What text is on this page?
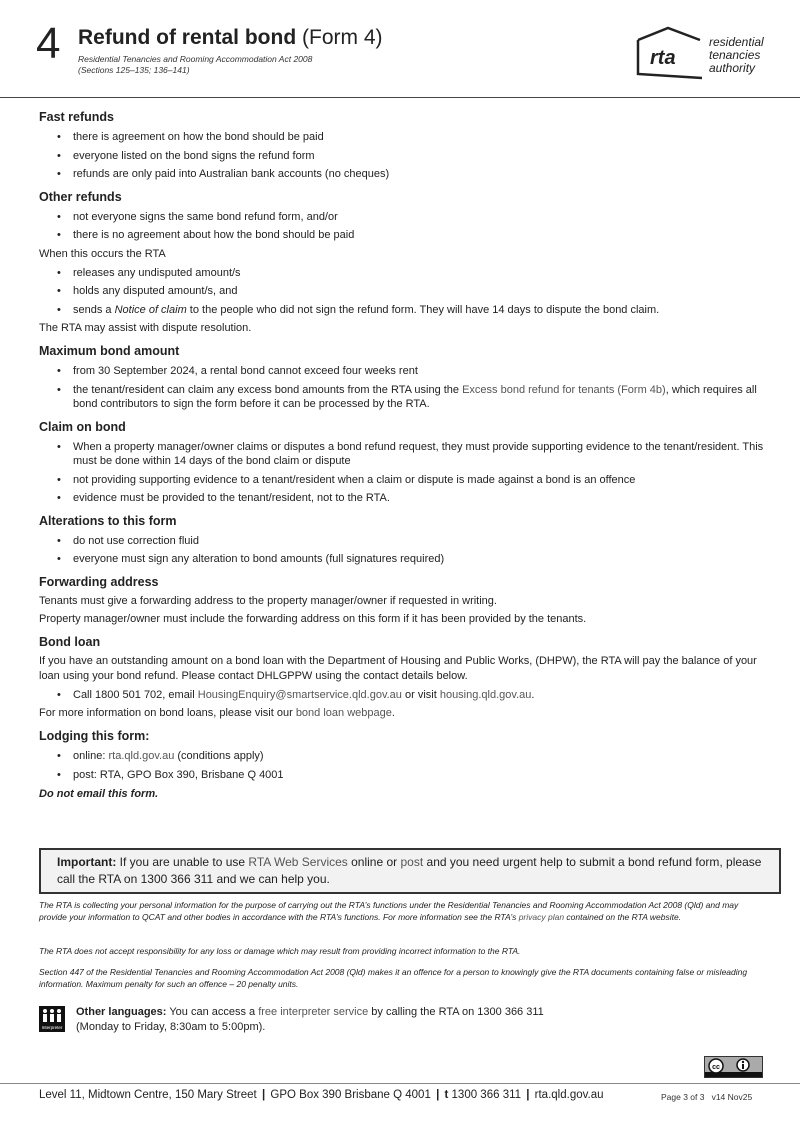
4 Refund of rental bond (Form 4)
Residential Tenancies and Rooming Accommodation Act 2008
(Sections 125–135; 136–141)
rta
residential
tenancies
authority
Fast refunds
• there is agreement on how the bond should be paid
• everyone listed on the bond signs the refund form
• refunds are only paid into Australian bank accounts (no cheques)
Other refunds
• not everyone signs the same bond refund form, and/or
• there is no agreement about how the bond should be paid

When this occurs the RTA

• releases any undisputed amount/s
• holds any disputed amount/s, and
• sends a Notice of claim to the people who did not sign the refund form. They will have 14 days to dispute the bond claim.

The RTA may assist with dispute resolution.

Maximum bond amount
• from 30 September 2024, a rental bond cannot exceed four weeks rent
• the tenant/resident can claim any excess bond amounts from the RTA using the Excess bond refund for tenants (Form 4b), which requires all bond contributors to sign the form before it can be processed by the RTA.
Claim on bond
• When a property manager/owner claims or disputes a bond refund request, they must provide supporting evidence to the tenant/resident. This must be done within 14 days of the bond claim or dispute
• not providing supporting evidence to a tenant/resident when a claim or dispute is made against a bond is an offence
• evidence must be provided to the tenant/resident, not to the RTA.
Alterations to this form
• do not use correction fluid
• everyone must sign any alteration to bond amounts (full signatures required)
Forwarding address

Tenants must give a forwarding address to the property manager/owner if requested in writing.

Property manager/owner must include the forwarding address on this form if it has been provided by the tenants.

Bond loan

If you have an outstanding amount on a bond loan with the Department of Housing and Public Works, (DHPW), the RTA will pay the balance of your loan using your bond refund. Please contact DHLGPPW using the contact details below.

• Call 1800 501 702, email HousingEnquiry@smartservice.qld.gov.au or visit housing.qld.gov.au.

For more information on bond loans, please visit our bond loan webpage.

Lodging this form:
• online: rta.qld.gov.au (conditions apply)
• post: RTA, GPO Box 390, Brisbane Q 4001

Do not email this form.

Important: If you are unable to use RTA Web Services online or post and you need urgent help to submit a bond refund form, please call the RTA on 1300 366 311 and we can help you.
The RTA is collecting your personal information for the purpose of carrying out the RTA’s functions under the Residential Tenancies and Rooming Accommodation Act 2008 (Qld) and may provide your information to QCAT and other bodies in accordance with the RTA’s functions. For more information see the RTA’s privacy plan contained on the RTA website.
The RTA does not accept responsibility for any loss or damage which may result from providing incorrect information to the RTA.
Section 447 of the Residential Tenancies and Rooming Accommodation Act 2008 (Qld) makes it an offence for a person to knowingly give the RTA documents containing false or misleading information. Maximum penalty for such an offence – 20 penalty units.
Interpreter
Other languages: You can access a free interpreter service by calling the RTA on 1300 366 311
(Monday to Friday, 8:30am to 5:00pm).
cc
Level 11, Midtown Centre, 150 Mary Street | GPO Box 390 Brisbane Q 4001 | t 1300 366 311 | rta.qld.gov.au	Page 3 of 3 v14 Nov25
